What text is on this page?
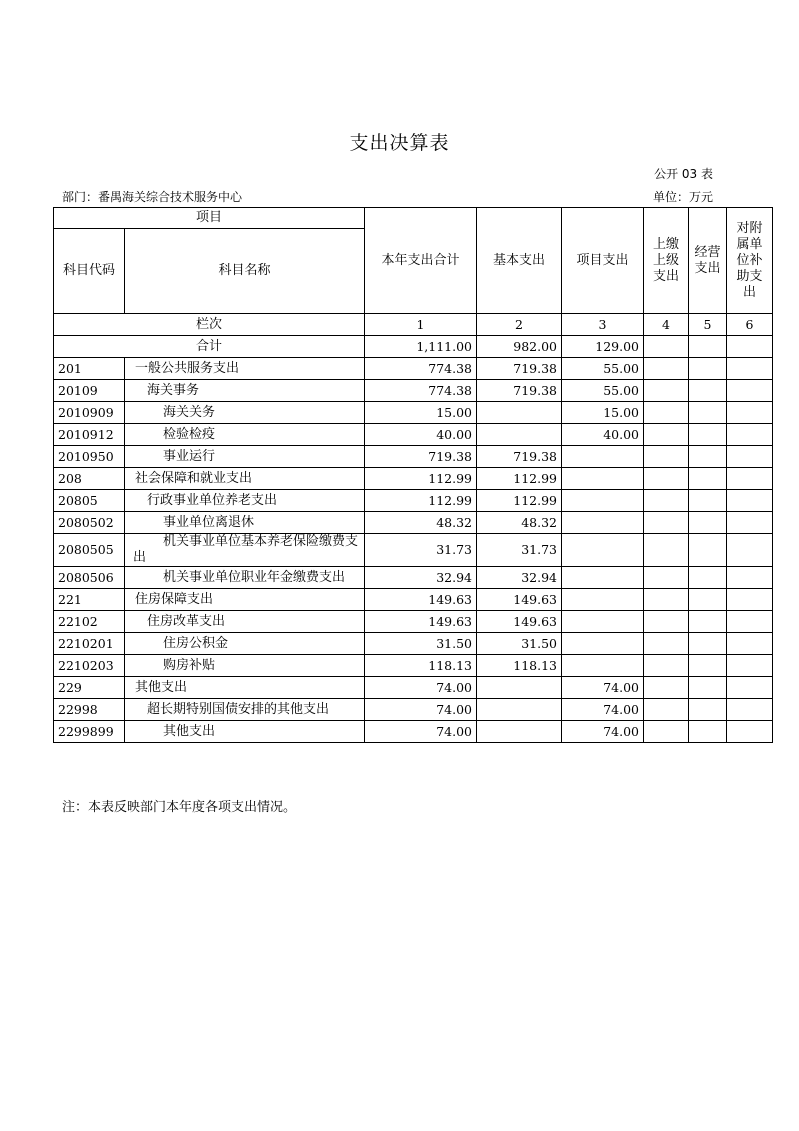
支出决算表
公开 03 表
部门：番禺海关综合技术服务中心	单位：万元
项目		本年支出合计	基本支出	项目支出	上缴上级支出	经营支出	对附属单位补助支出
科目代码	科目名称						
栏次		1	2	3	4	5	6
合计		1,111.00	982.00	129.00			
201	一般公共服务支出	774.38	719.38	55.00			
20109	海关事务	774.38	719.38	55.00			
2010909	海关关务	15.00		15.00			
2010912	检验检疫	40.00		40.00			
2010950	事业运行	719.38	719.38				
208	社会保障和就业支出	112.99	112.99				
20805	行政事业单位养老支出	112.99	112.99				
2080502	事业单位离退休	48.32	48.32				
2080505	机关事业单位基本养老保险缴费支出	31.73	31.73				
2080506	机关事业单位职业年金缴费支出	32.94	32.94				
221	住房保障支出	149.63	149.63				
22102	住房改革支出	149.63	149.63				
2210201	住房公积金	31.50	31.50				
2210203	购房补贴	118.13	118.13				
229	其他支出	74.00		74.00			
22998	超长期特别国债安排的其他支出	74.00		74.00			
2299899	其他支出	74.00		74.00			
注：本表反映部门本年度各项支出情况。
